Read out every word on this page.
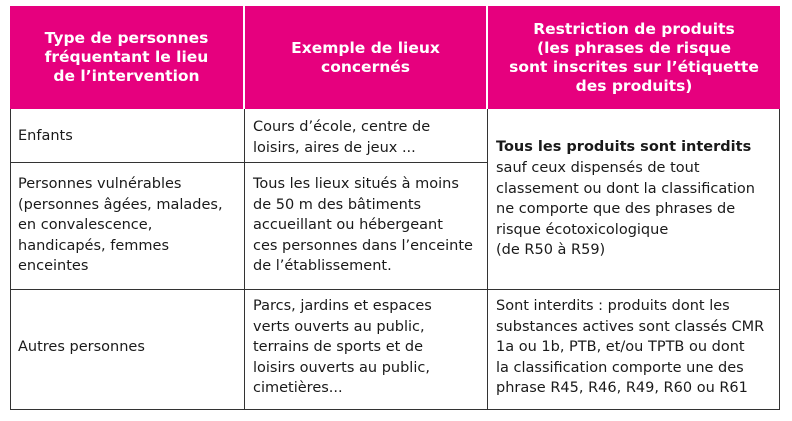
Type de personnes
fréquentant le lieu
de l’intervention
Exemple de lieux
concernés
Restriction de produits
(les phrases de risque
sont inscrites sur l’étiquette
des produits)
Enfants
Cours d’école, centre de
loisirs, aires de jeux ...
Personnes vulnérables
(personnes âgées, malades,
en convalescence,
handicapés, femmes
enceintes
Tous les lieux situés à moins
de 50 m des bâtiments
accueillant ou hébergeant
ces personnes dans l’enceinte
de l’établissement.
Tous les produits sont interdits
sauf ceux dispensés de tout
classement ou dont la classification
ne comporte que des phrases de
risque écotoxicologique
(de R50 à R59)
Autres personnes
Parcs, jardins et espaces
verts ouverts au public,
terrains de sports et de
loisirs ouverts au public,
cimetières...
Sont interdits : produits dont les
substances actives sont classés CMR
1a ou 1b, PTB, et/ou TPTB ou dont
la classification comporte une des
phrase R45, R46, R49, R60 ou R61
